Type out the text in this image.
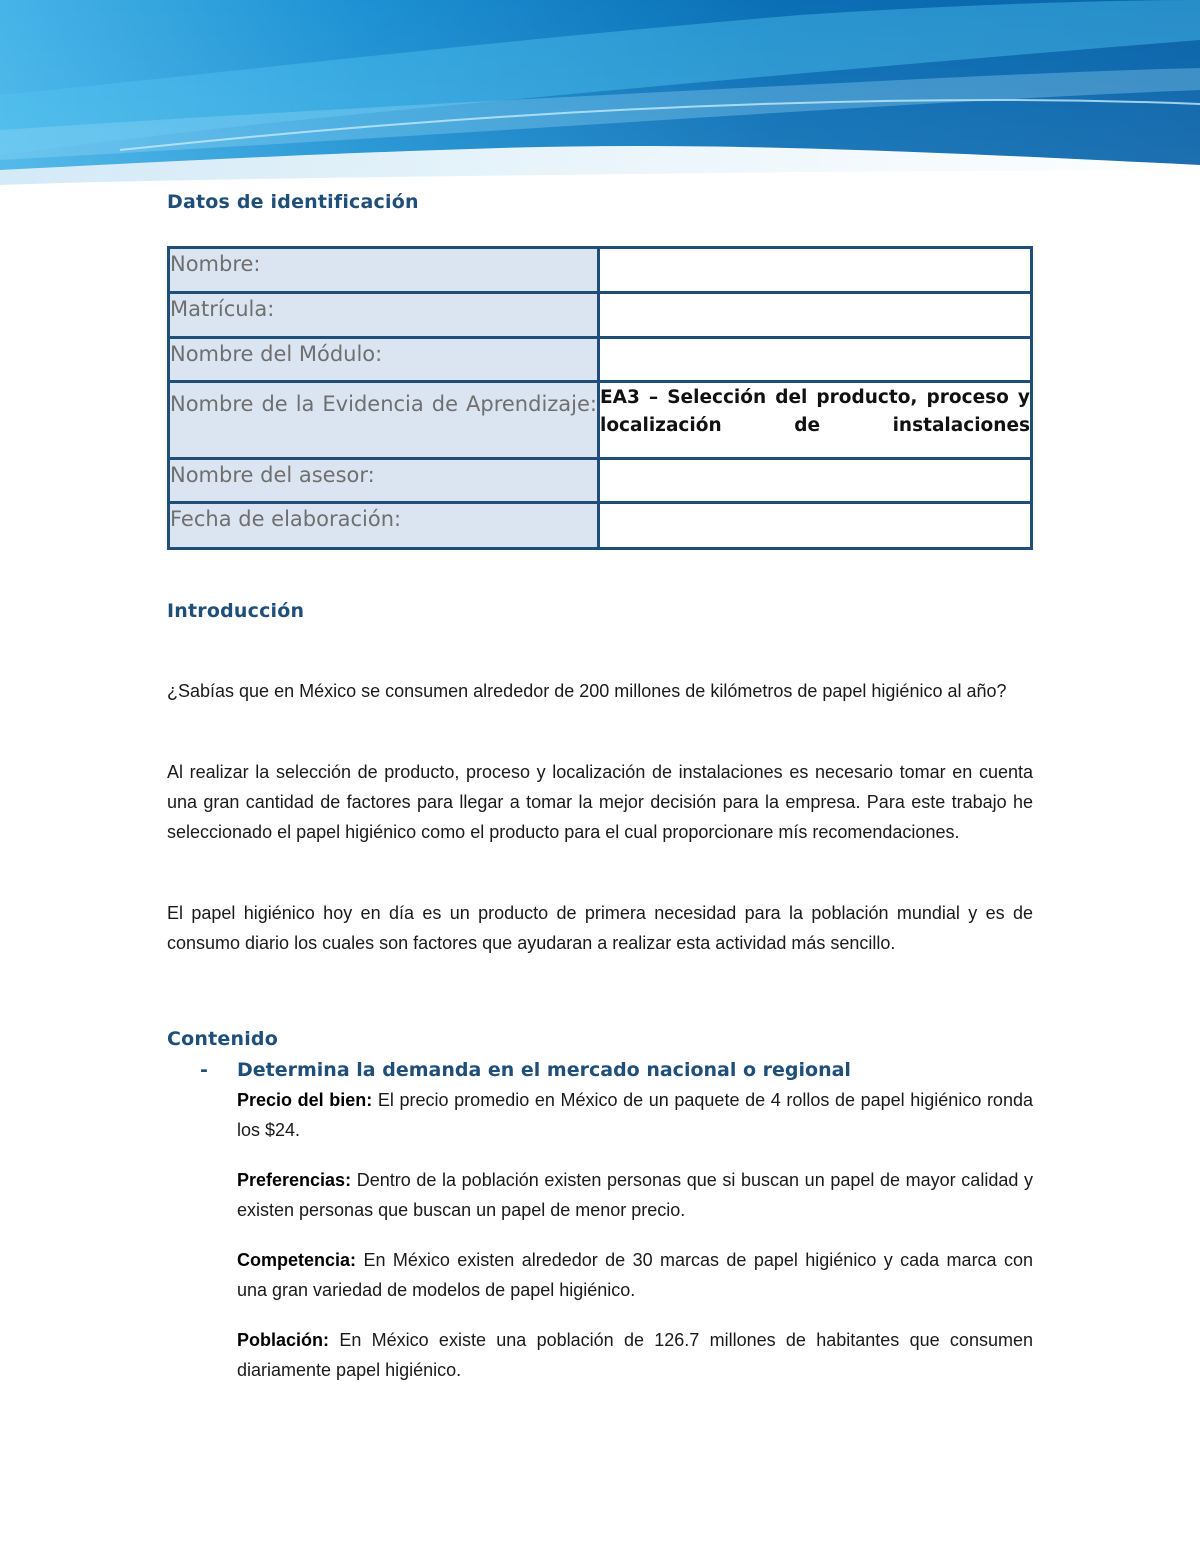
Datos de identificación
Nombre:	
Matrícula:	
Nombre del Módulo:	

Nombre de la Evidencia de Aprendizaje:	EA3 – Selección del producto, proceso y localización de instalaciones

Nombre del asesor:	
Fecha de elaboración:	
Introducción

¿Sabías que en México se consumen alrededor de 200 millones de kilómetros de papel higiénico al año?

Al realizar la selección de producto, proceso y localización de instalaciones es necesario tomar en cuenta una gran cantidad de factores para llegar a tomar la mejor decisión para la empresa. Para este trabajo he seleccionado el papel higiénico como el producto para el cual proporcionare mís recomendaciones.

El papel higiénico hoy en día es un producto de primera necesidad para la población mundial y es de consumo diario los cuales son factores que ayudaran a realizar esta actividad más sencillo.

Contenido
- Determina la demanda en el mercado nacional o regional

Precio del bien: El precio promedio en México de un paquete de 4 rollos de papel higiénico ronda los $24.

Preferencias: Dentro de la población existen personas que si buscan un papel de mayor calidad y existen personas que buscan un papel de menor precio.

Competencia: En México existen alrededor de 30 marcas de papel higiénico y cada marca con una gran variedad de modelos de papel higiénico.

Población: En México existe una población de 126.7 millones de habitantes que consumen diariamente papel higiénico.
